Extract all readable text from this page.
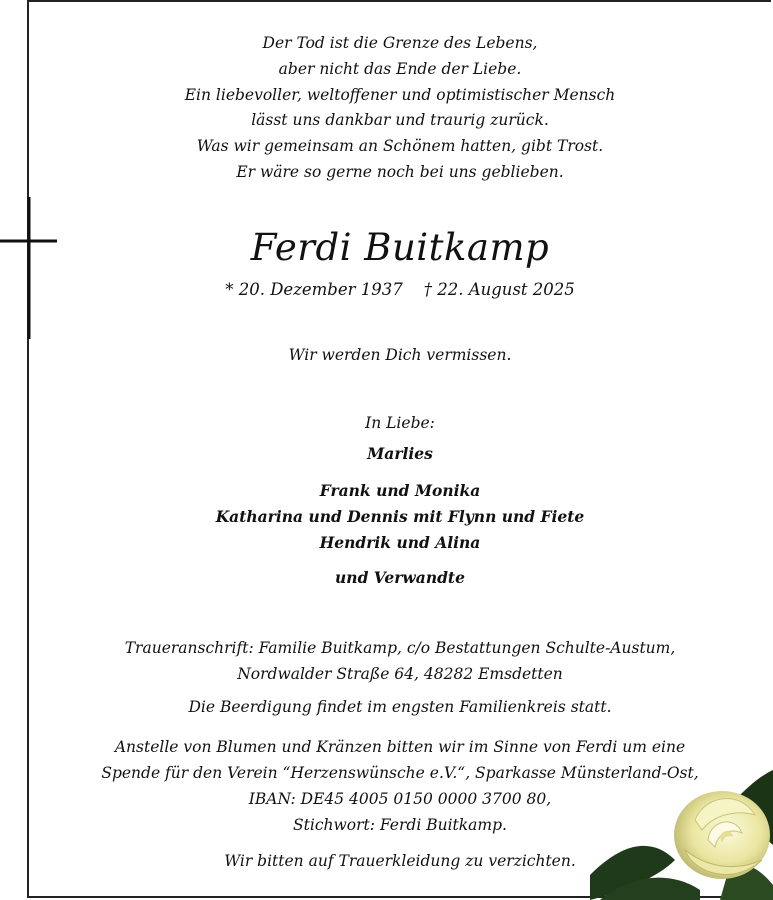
Der Tod ist die Grenze des Lebens,
aber nicht das Ende der Liebe.
Ein liebevoller, weltoffener und optimistischer Mensch
lässt uns dankbar und traurig zurück.
Was wir gemeinsam an Schönem hatten, gibt Trost.
Er wäre so gerne noch bei uns geblieben.
Ferdi Buitkamp
* 20. Dezember 1937    † 22. August 2025
Wir werden Dich vermissen.
In Liebe:
Marlies
Frank und Monika
Katharina und Dennis mit Flynn und Fiete
Hendrik und Alina
und Verwandte
Traueranschrift: Familie Buitkamp, c/o Bestattungen Schulte-Austum,
Nordwalder Straße 64, 48282 Emsdetten
Die Beerdigung findet im engsten Familienkreis statt.
Anstelle von Blumen und Kränzen bitten wir im Sinne von Ferdi um eine
Spende für den Verein “Herzenswünsche e.V.“, Sparkasse Münsterland-Ost,
IBAN: DE45 4005 0150 0000 3700 80,
Stichwort: Ferdi Buitkamp.
Wir bitten auf Trauerkleidung zu verzichten.
